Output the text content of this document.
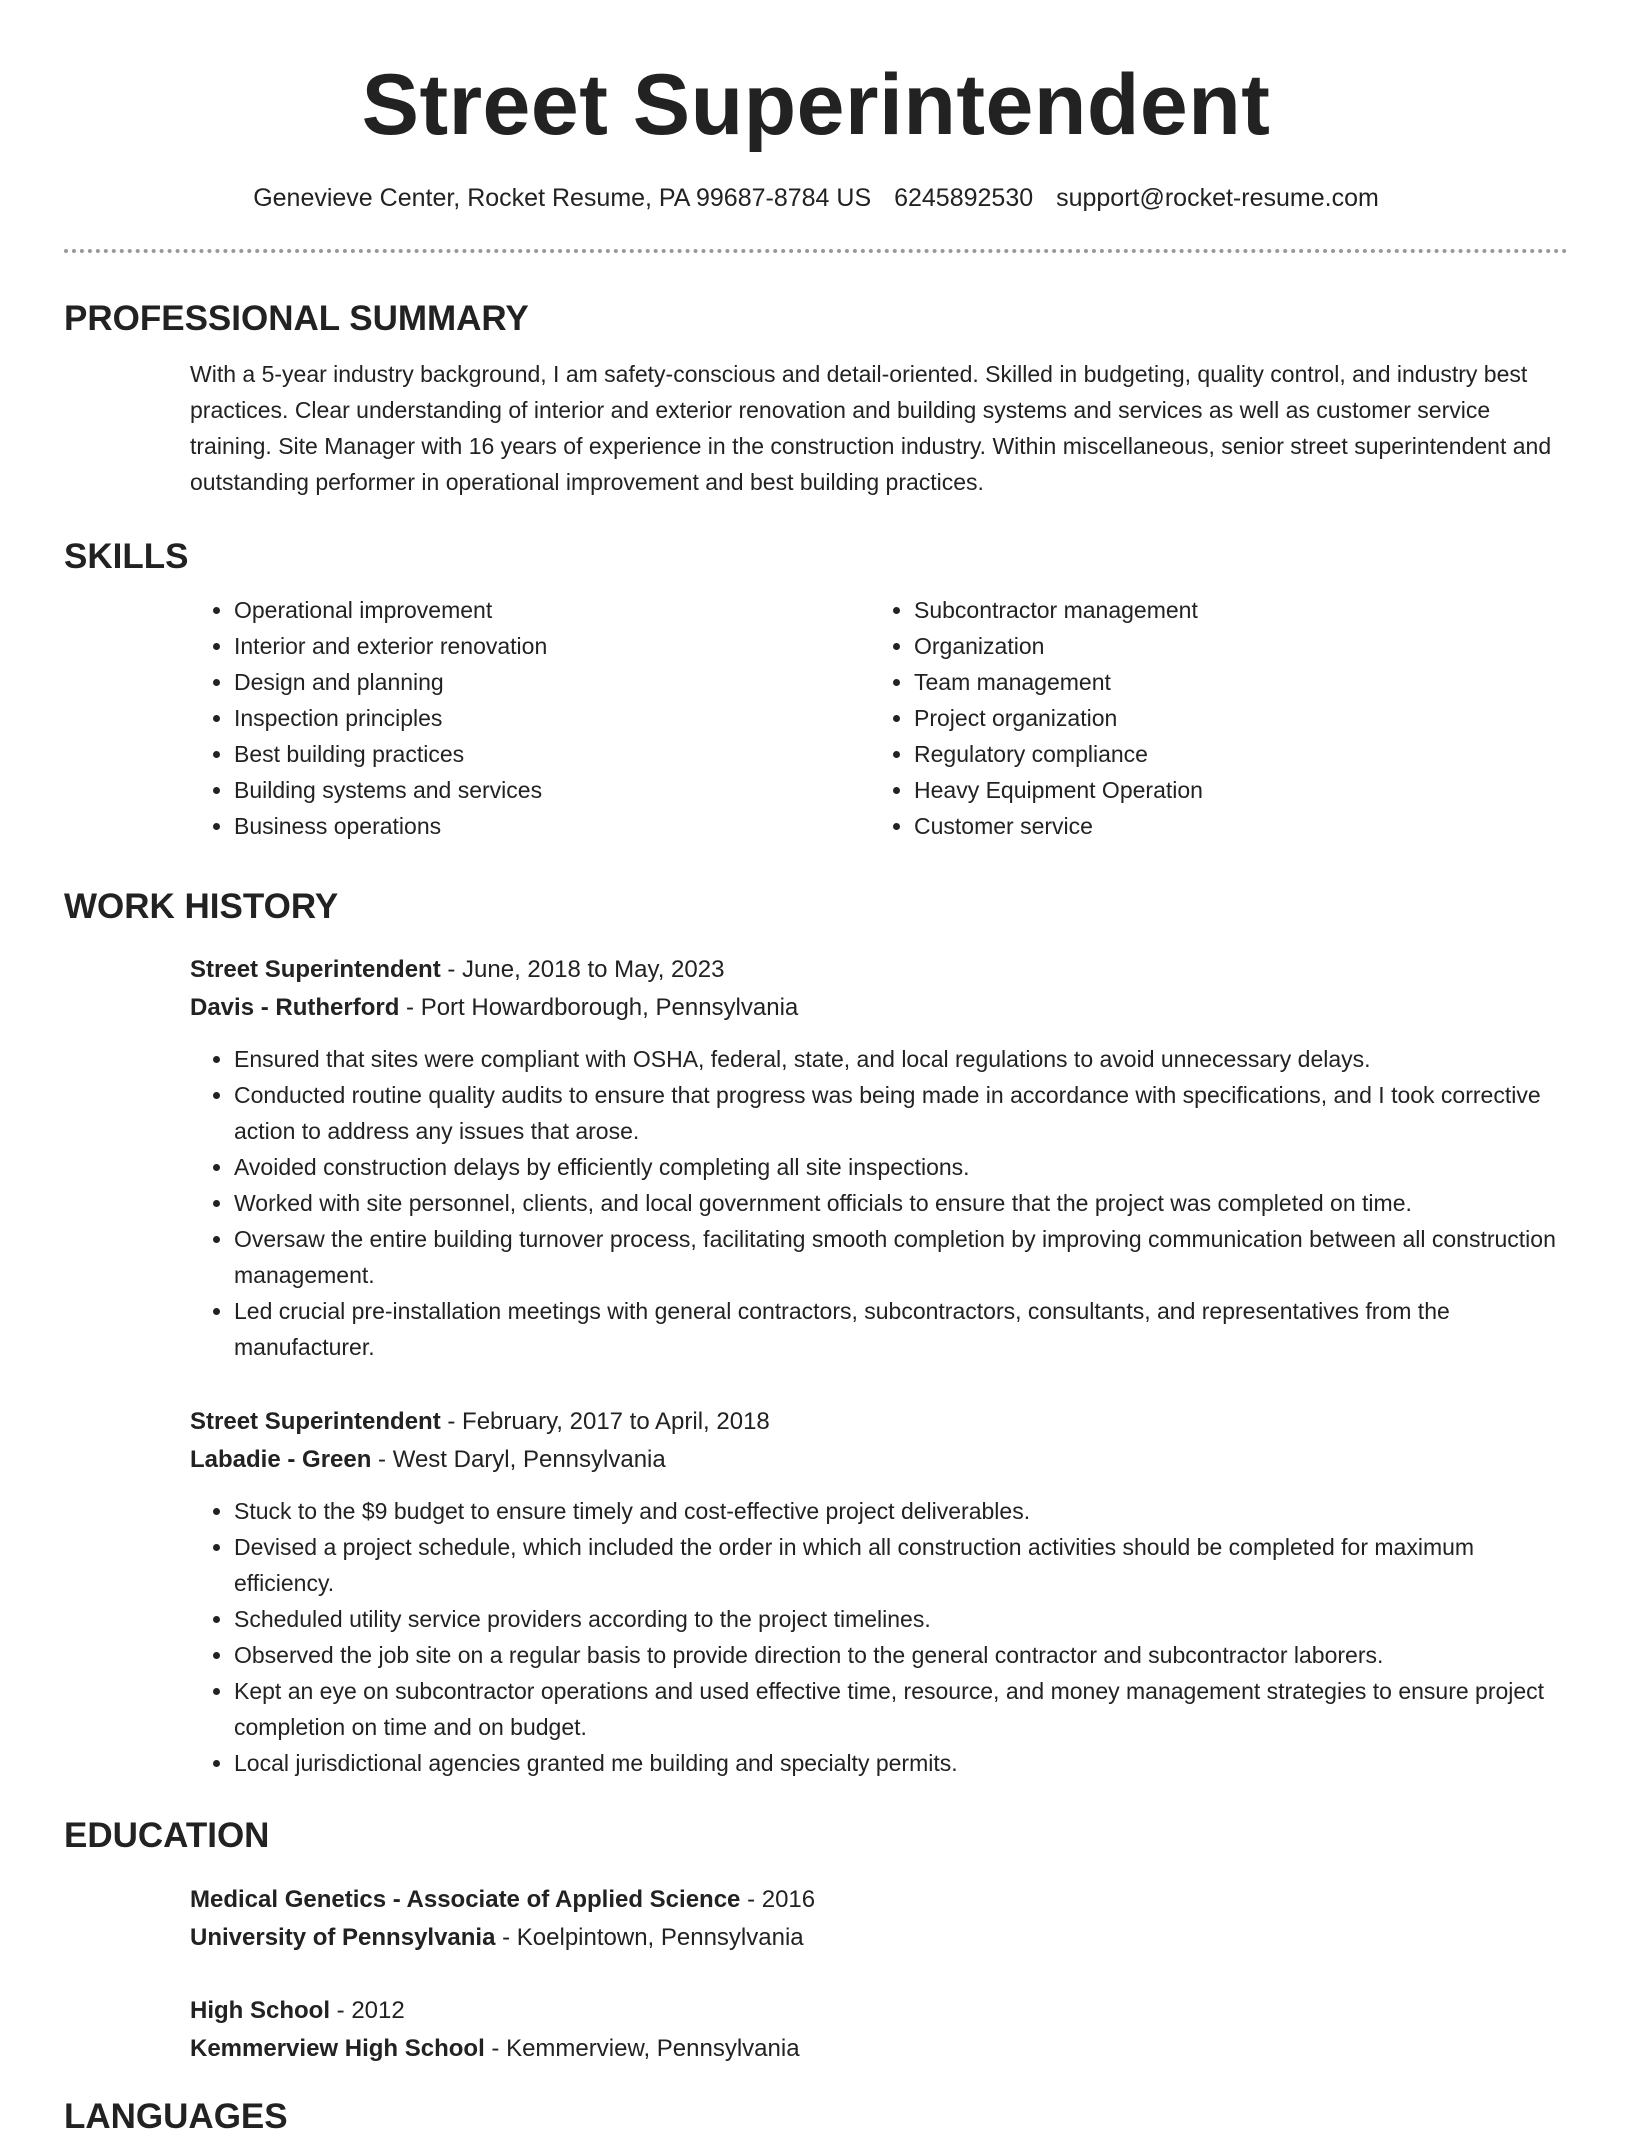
Street Superintendent
Genevieve Center, Rocket Resume, PA 99687-8784 US 6245892530 support@rocket-resume.com
PROFESSIONAL SUMMARY

With a 5-year industry background, I am safety-conscious and detail-oriented. Skilled in budgeting, quality control, and industry best practices. Clear understanding of interior and exterior renovation and building systems and services as well as customer service training. Site Manager with 16 years of experience in the construction industry. Within miscellaneous, senior street superintendent and outstanding performer in operational improvement and best building practices.

SKILLS
• Operational improvement
• Interior and exterior renovation
• Design and planning
• Inspection principles
• Best building practices
• Building systems and services
• Business operations
• Subcontractor management
• Organization
• Team management
• Project organization
• Regulatory compliance
• Heavy Equipment Operation
• Customer service
WORK HISTORY
Street Superintendent - June, 2018 to May, 2023
Davis - Rutherford - Port Howardborough, Pennsylvania
• Ensured that sites were compliant with OSHA, federal, state, and local regulations to avoid unnecessary delays.
• Conducted routine quality audits to ensure that progress was being made in accordance with specifications, and I took corrective action to address any issues that arose.
• Avoided construction delays by efficiently completing all site inspections.
• Worked with site personnel, clients, and local government officials to ensure that the project was completed on time.
• Oversaw the entire building turnover process, facilitating smooth completion by improving communication between all construction management.
• Led crucial pre-installation meetings with general contractors, subcontractors, consultants, and representatives from the manufacturer.
Street Superintendent - February, 2017 to April, 2018
Labadie - Green - West Daryl, Pennsylvania
• Stuck to the $9 budget to ensure timely and cost-effective project deliverables.
• Devised a project schedule, which included the order in which all construction activities should be completed for maximum efficiency.
• Scheduled utility service providers according to the project timelines.
• Observed the job site on a regular basis to provide direction to the general contractor and subcontractor laborers.
• Kept an eye on subcontractor operations and used effective time, resource, and money management strategies to ensure project completion on time and on budget.
• Local jurisdictional agencies granted me building and specialty permits.
EDUCATION
Medical Genetics - Associate of Applied Science - 2016
University of Pennsylvania - Koelpintown, Pennsylvania
High School - 2012
Kemmerview High School - Kemmerview, Pennsylvania
LANGUAGES
